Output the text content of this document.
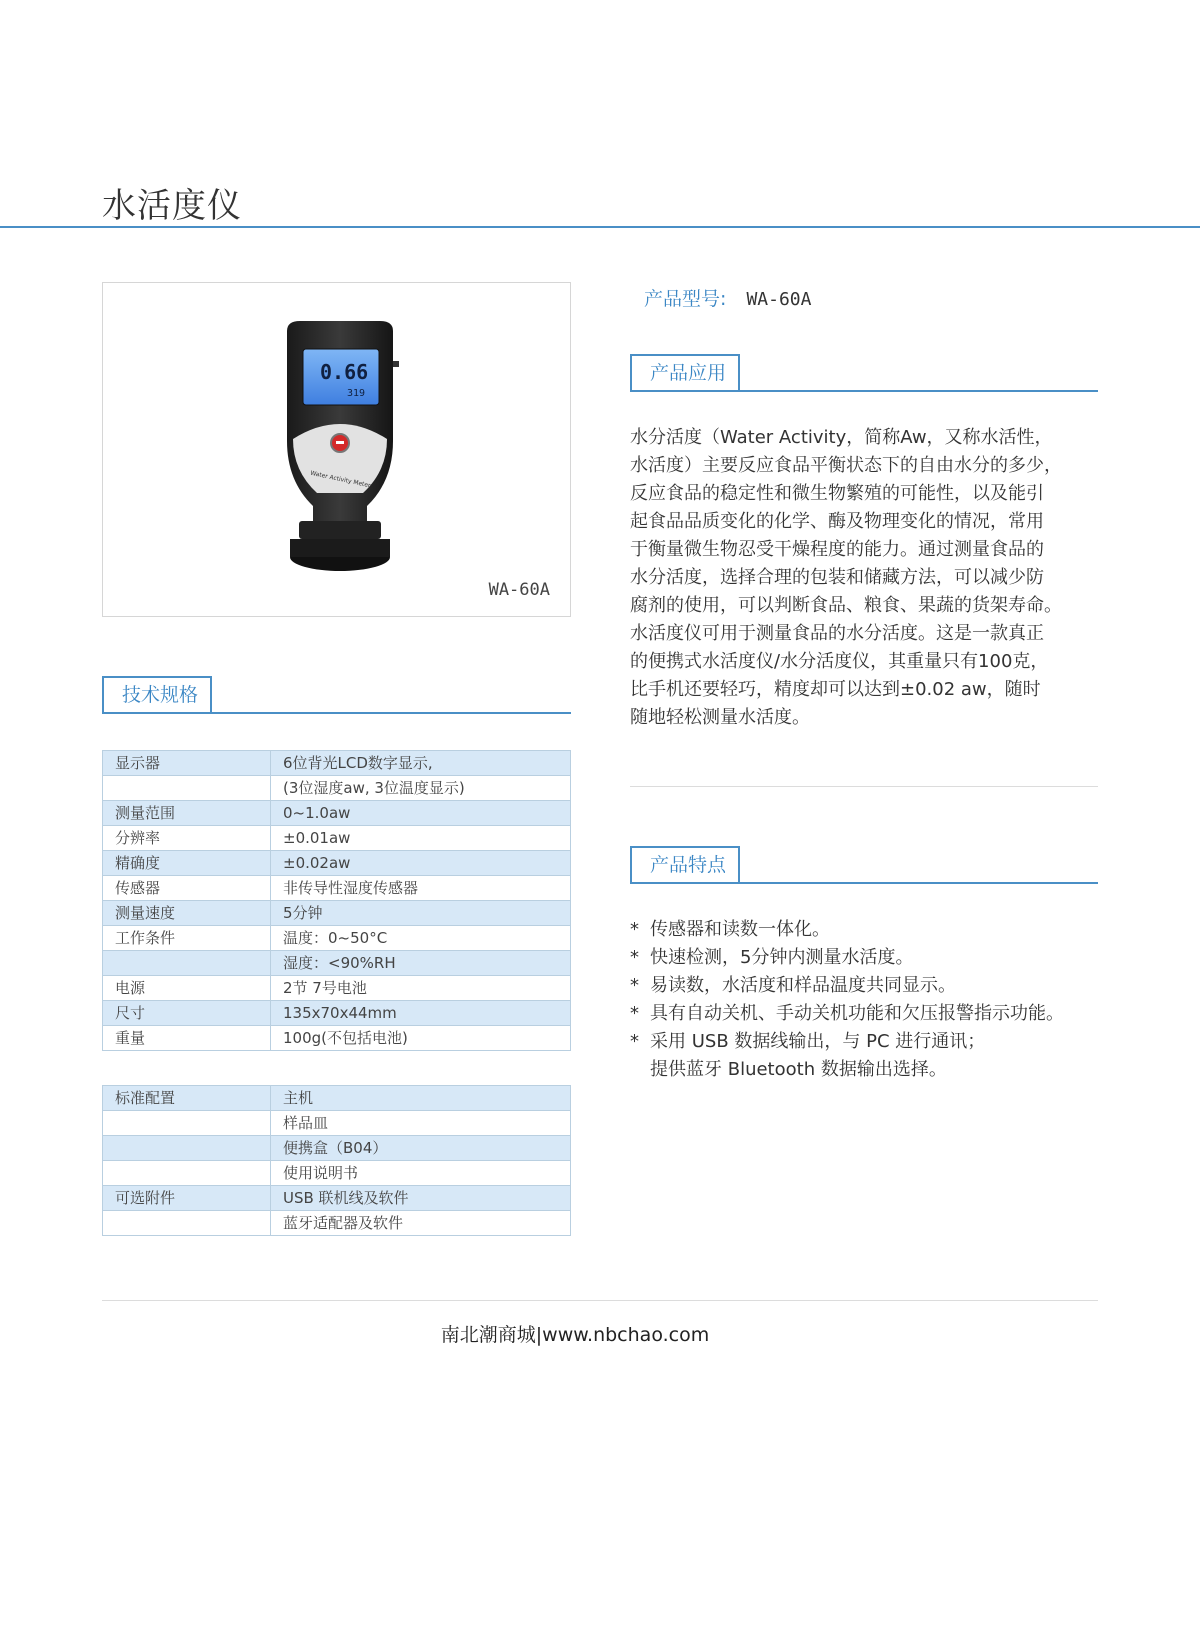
水活度仪
0.66
319
Water Activity Meter
WA-60A
产品型号: WA-60A
产品应用
水分活度（Water Activity，简称Aw，又称水活性，
水活度）主要反应食品平衡状态下的自由水分的多少，
反应食品的稳定性和微生物繁殖的可能性，以及能引
起食品品质变化的化学、酶及物理变化的情况，常用
于衡量微生物忍受干燥程度的能力。通过测量食品的
水分活度，选择合理的包装和储藏方法，可以减少防
腐剂的使用，可以判断食品、粮食、果蔬的货架寿命。
水活度仪可用于测量食品的水分活度。这是一款真正
的便携式水活度仪/水分活度仪，其重量只有100克，
比手机还要轻巧，精度却可以达到±0.02 aw，随时
随地轻松测量水活度。
产品特点
* 传感器和读数一体化。
* 快速检测，5分钟内测量水活度。
* 易读数，水活度和样品温度共同显示。
* 具有自动关机、手动关机功能和欠压报警指示功能。
* 采用 USB 数据线输出，与 PC 进行通讯；
提供蓝牙 Bluetooth 数据输出选择。
技术规格
显示器	6位背光LCD数字显示,
	(3位湿度aw, 3位温度显示)
测量范围	0~1.0aw
分辨率	±0.01aw
精确度	±0.02aw
传感器	非传导性湿度传感器
测量速度	5分钟
工作条件	温度：0~50°C
	湿度：<90%RH
电源	2节 7号电池
尺寸	135x70x44mm
重量	100g(不包括电池)
标准配置	主机
	样品皿
	便携盒（B04）
	使用说明书
可选附件	USB 联机线及软件
	蓝牙适配器及软件
南北潮商城|www.nbchao.com
